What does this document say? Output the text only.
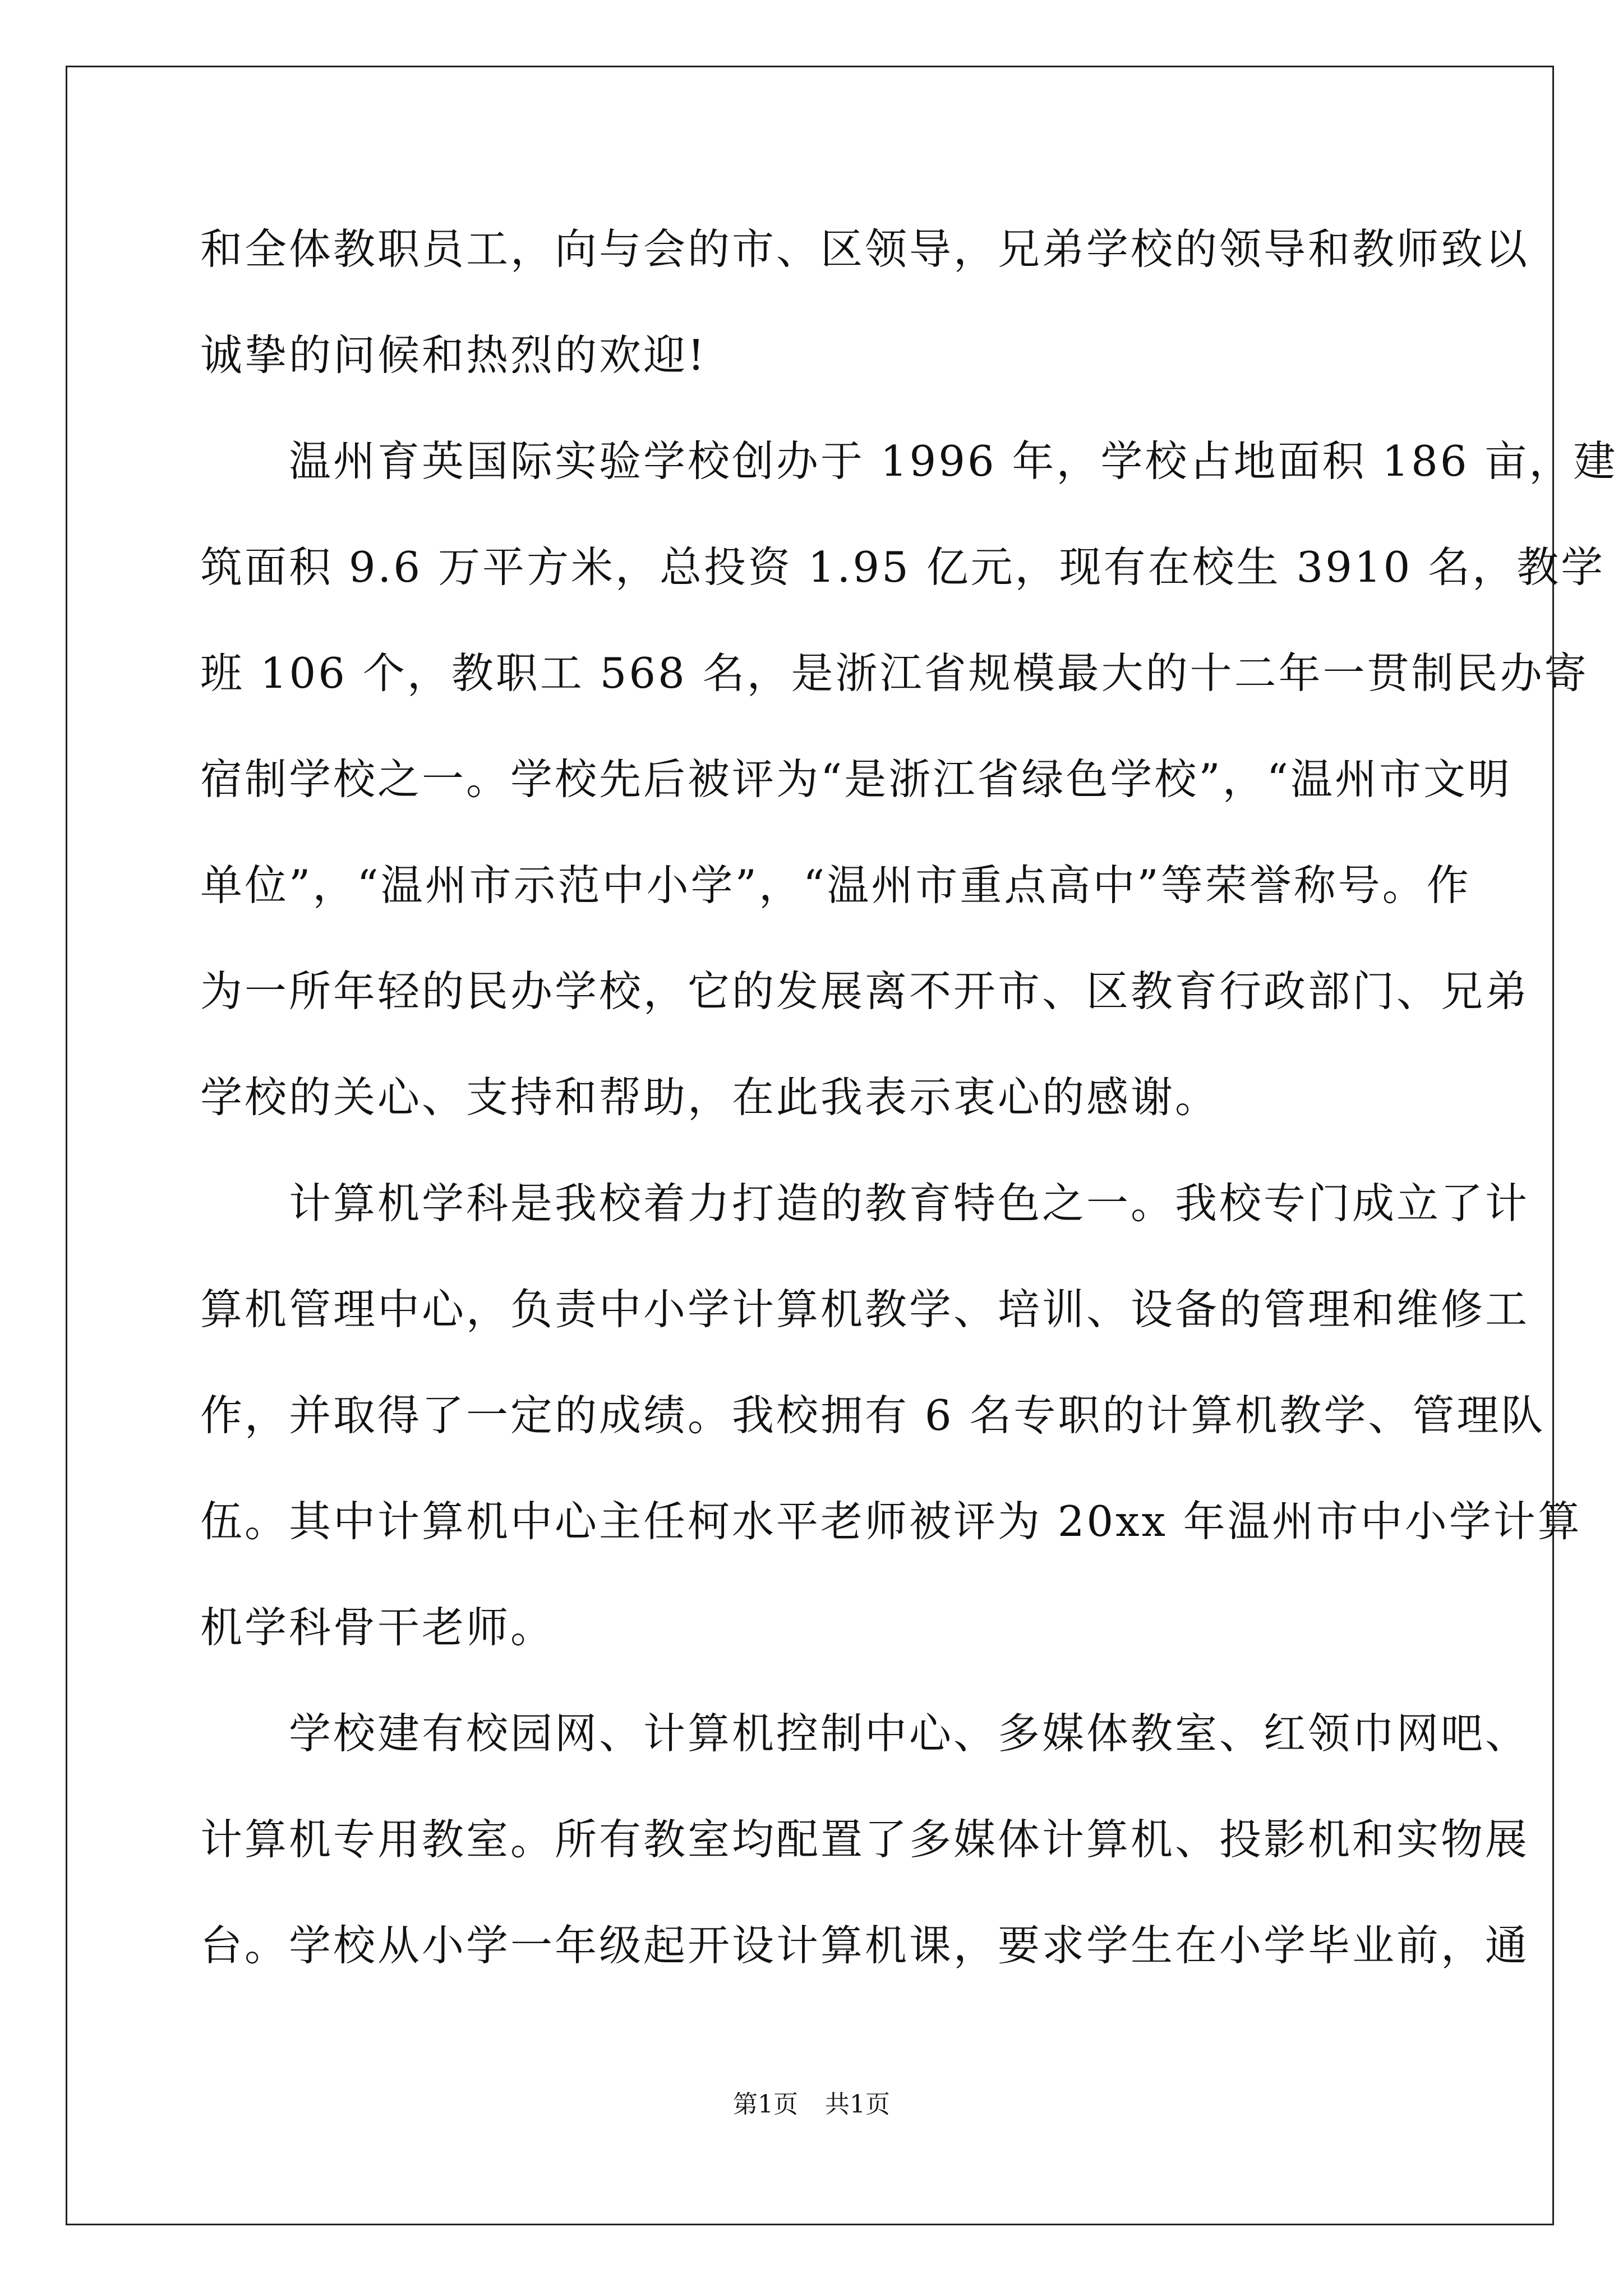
和全体教职员工，向与会的市、区领导，兄弟学校的领导和教师致以
诚挚的问候和热烈的欢迎!
　　温州育英国际实验学校创办于 1996 年，学校占地面积 186 亩，建
筑面积 9.6 万平方米，总投资 1.95 亿元，现有在校生 3910 名，教学
班 106 个，教职工 568 名，是浙江省规模最大的十二年一贯制民办寄
宿制学校之一。学校先后被评为“是浙江省绿色学校”，“温州市文明
单位”，“温州市示范中小学”，“温州市重点高中”等荣誉称号。作
为一所年轻的民办学校，它的发展离不开市、区教育行政部门、兄弟
学校的关心、支持和帮助，在此我表示衷心的感谢。
　　计算机学科是我校着力打造的教育特色之一。我校专门成立了计
算机管理中心，负责中小学计算机教学、培训、设备的管理和维修工
作，并取得了一定的成绩。我校拥有 6 名专职的计算机教学、管理队
伍。其中计算机中心主任柯水平老师被评为 20xx 年温州市中小学计算
机学科骨干老师。
　　学校建有校园网、计算机控制中心、多媒体教室、红领巾网吧、
计算机专用教室。所有教室均配置了多媒体计算机、投影机和实物展
台。学校从小学一年级起开设计算机课，要求学生在小学毕业前，通
第1页 共1页
